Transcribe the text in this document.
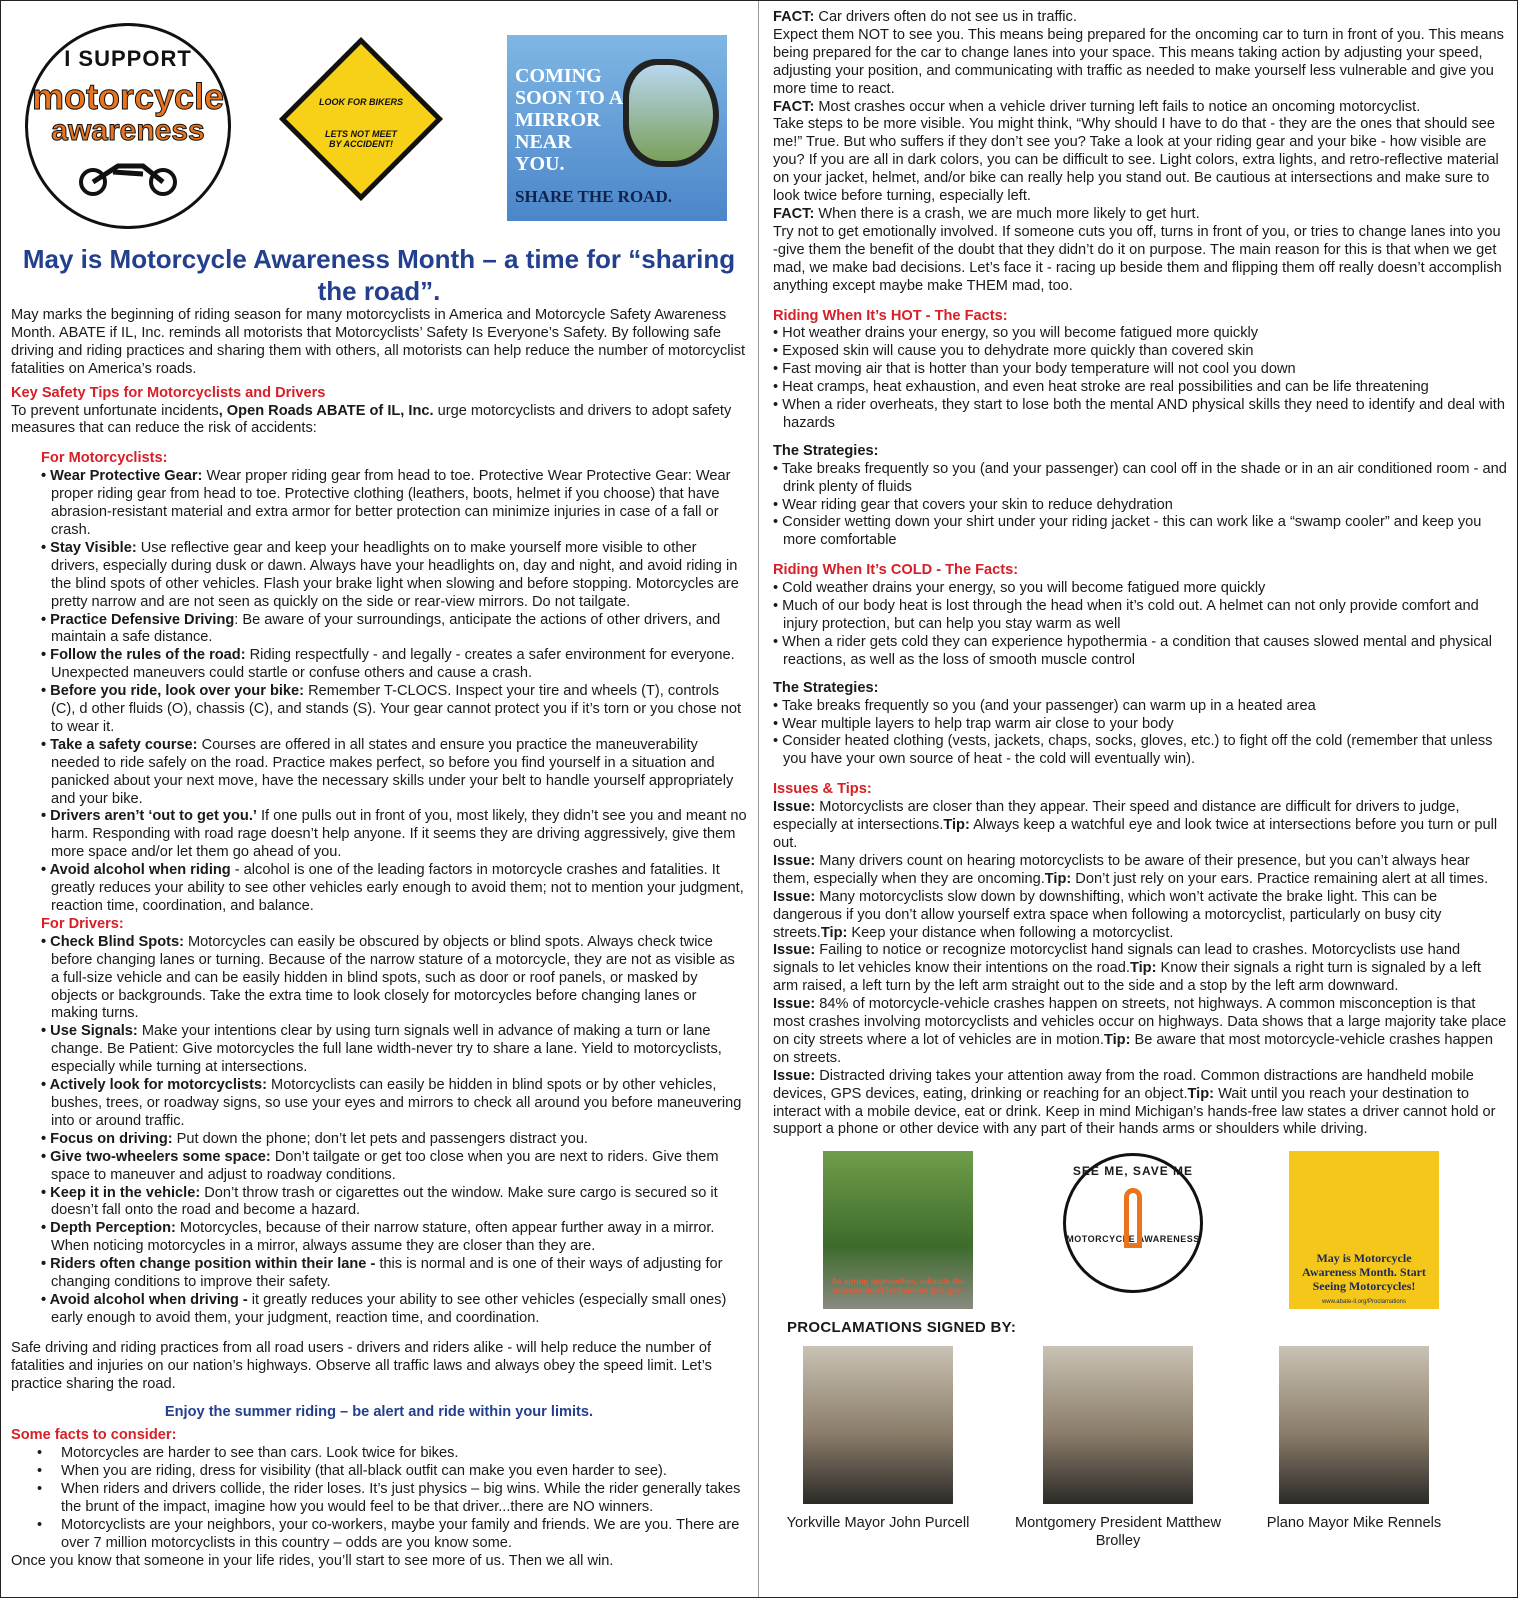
I SUPPORT
motorcycle
awareness
LOOK FOR BIKERS
LETS NOT MEET BY ACCIDENT!
COMING SOON TO A MIRROR NEAR YOU.
SHARE THE ROAD.
May is Motorcycle Awareness Month – a time for “sharing the road”.

May marks the beginning of riding season for many motorcyclists in America and Motorcycle Safety Awareness Month. ABATE if IL, Inc. reminds all motorists that Motorcyclists’ Safety Is Everyone’s Safety. By following safe driving and riding practices and sharing them with others, all motorists can help reduce the number of motorcyclist fatalities on America’s roads.

Key Safety Tips for Motorcyclists and Drivers

To prevent unfortunate incidents, Open Roads ABATE of IL, Inc. urge motorcyclists and drivers to adopt safety measures that can reduce the risk of accidents:

For Motorcyclists:

• Wear Protective Gear: Wear proper riding gear from head to toe. Protective Wear Protective Gear: Wear proper riding gear from head to toe. Protective clothing (leathers, boots, helmet if you choose) that have abrasion-resistant material and extra armor for better protection can minimize injuries in case of a fall or crash.
• Stay Visible: Use reflective gear and keep your headlights on to make yourself more visible to other drivers, especially during dusk or dawn. Always have your headlights on, day and night, and avoid riding in the blind spots of other vehicles. Flash your brake light when slowing and before stopping. Motorcycles are pretty narrow and are not seen as quickly on the side or rear-view mirrors. Do not tailgate.
• Practice Defensive Driving: Be aware of your surroundings, anticipate the actions of other drivers, and maintain a safe distance.
• Follow the rules of the road: Riding respectfully - and legally - creates a safer environment for everyone. Unexpected maneuvers could startle or confuse others and cause a crash.
• Before you ride, look over your bike: Remember T-CLOCS. Inspect your tire and wheels (T), controls (C), d other fluids (O), chassis (C), and stands (S). Your gear cannot protect you if it’s torn or you chose not to wear it.
• Take a safety course: Courses are offered in all states and ensure you practice the maneuverability needed to ride safely on the road. Practice makes perfect, so before you find yourself in a situation and panicked about your next move, have the necessary skills under your belt to handle yourself appropriately and your bike.
• Drivers aren’t ‘out to get you.’ If one pulls out in front of you, most likely, they didn’t see you and meant no harm. Responding with road rage doesn’t help anyone. If it seems they are driving aggressively, give them more space and/or let them go ahead of you.
• Avoid alcohol when riding - alcohol is one of the leading factors in motorcycle crashes and fatalities. It greatly reduces your ability to see other vehicles early enough to avoid them; not to mention your judgment, reaction time, coordination, and balance.

For Drivers:

• Check Blind Spots: Motorcycles can easily be obscured by objects or blind spots. Always check twice before changing lanes or turning. Because of the narrow stature of a motorcycle, they are not as visible as a full-size vehicle and can be easily hidden in blind spots, such as door or roof panels, or masked by objects or backgrounds. Take the extra time to look closely for motorcycles before changing lanes or making turns.
• Use Signals: Make your intentions clear by using turn signals well in advance of making a turn or lane change. Be Patient: Give motorcycles the full lane width-never try to share a lane. Yield to motorcyclists, especially while turning at intersections.
• Actively look for motorcyclists: Motorcyclists can easily be hidden in blind spots or by other vehicles, bushes, trees, or roadway signs, so use your eyes and mirrors to check all around you before maneuvering into or around traffic.
• Focus on driving: Put down the phone; don’t let pets and passengers distract you.
• Give two-wheelers some space: Don’t tailgate or get too close when you are next to riders. Give them space to maneuver and adjust to roadway conditions.
• Keep it in the vehicle: Don’t throw trash or cigarettes out the window. Make sure cargo is secured so it doesn’t fall onto the road and become a hazard.
• Depth Perception: Motorcycles, because of their narrow stature, often appear further away in a mirror. When noticing motorcycles in a mirror, always assume they are closer than they are.
• Riders often change position within their lane - this is normal and is one of their ways of adjusting for changing conditions to improve their safety.
• Avoid alcohol when driving - it greatly reduces your ability to see other vehicles (especially small ones) early enough to avoid them, your judgment, reaction time, and coordination.

Safe driving and riding practices from all road users - drivers and riders alike - will help reduce the number of fatalities and injuries on our nation’s highways. Observe all traffic laws and always obey the speed limit. Let’s practice sharing the road.

Enjoy the summer riding – be alert and ride within your limits.

Some facts to consider:

• Motorcycles are harder to see than cars. Look twice for bikes.
• When you are riding, dress for visibility (that all-black outfit can make you even harder to see).
• When riders and drivers collide, the rider loses. It’s just physics – big wins. While the rider generally takes the brunt of the impact, imagine how you would feel to be that driver...there are NO winners.
• Motorcyclists are your neighbors, your co-workers, maybe your family and friends. We are you. There are over 7 million motorcyclists in this country – odds are you know some.

Once you know that someone in your life rides, you’ll start to see more of us. Then we all win.

FACT: Car drivers often do not see us in traffic.

Expect them NOT to see you. This means being prepared for the oncoming car to turn in front of you. This means being prepared for the car to change lanes into your space. This means taking action by adjusting your speed, adjusting your position, and communicating with traffic as needed to make yourself less vulnerable and give you more time to react.

FACT: Most crashes occur when a vehicle driver turning left fails to notice an oncoming motorcyclist.

Take steps to be more visible. You might think, “Why should I have to do that - they are the ones that should see me!” True. But who suffers if they don’t see you? Take a look at your riding gear and your bike - how visible are you? If you are all in dark colors, you can be difficult to see. Light colors, extra lights, and retro-reflective material on your jacket, helmet, and/or bike can really help you stand out. Be cautious at intersections and make sure to look twice before turning, especially left.

FACT: When there is a crash, we are much more likely to get hurt.

Try not to get emotionally involved. If someone cuts you off, turns in front of you, or tries to change lanes into you -give them the benefit of the doubt that they didn’t do it on purpose. The main reason for this is that when we get mad, we make bad decisions. Let’s face it - racing up beside them and flipping them off really doesn’t accomplish anything except maybe make THEM mad, too.

Riding When It’s HOT - The Facts:

• Hot weather drains your energy, so you will become fatigued more quickly
• Exposed skin will cause you to dehydrate more quickly than covered skin
• Fast moving air that is hotter than your body temperature will not cool you down
• Heat cramps, heat exhaustion, and even heat stroke are real possibilities and can be life threatening
• When a rider overheats, they start to lose both the mental AND physical skills they need to identify and deal with hazards
The Strategies:
• Take breaks frequently so you (and your passenger) can cool off in the shade or in an air conditioned room - and drink plenty of fluids
• Wear riding gear that covers your skin to reduce dehydration
• Consider wetting down your shirt under your riding jacket - this can work like a “swamp cooler” and keep you more comfortable

Riding When It’s COLD - The Facts:

• Cold weather drains your energy, so you will become fatigued more quickly
• Much of our body heat is lost through the head when it’s cold out. A helmet can not only provide comfort and injury protection, but can help you stay warm as well
• When a rider gets cold they can experience hypothermia - a condition that causes slowed mental and physical reactions, as well as the loss of smooth muscle control
The Strategies:
• Take breaks frequently so you (and your passenger) can warm up in a heated area
• Wear multiple layers to help trap warm air close to your body
• Consider heated clothing (vests, jackets, chaps, socks, gloves, etc.) to fight off the cold (remember that unless you have your own source of heat - the cold will eventually win).

Issues & Tips:

Issue: Motorcyclists are closer than they appear. Their speed and distance are difficult for drivers to judge, especially at intersections.Tip: Always keep a watchful eye and look twice at intersections before you turn or pull out.

Issue: Many drivers count on hearing motorcyclists to be aware of their presence, but you can’t always hear them, especially when they are oncoming.Tip: Don’t just rely on your ears. Practice remaining alert at all times.

Issue: Many motorcyclists slow down by downshifting, which won’t activate the brake light. This can be dangerous if you don’t allow yourself extra space when following a motorcyclist, particularly on busy city streets.Tip: Keep your distance when following a motorcyclist.

Issue: Failing to notice or recognize motorcyclist hand signals can lead to crashes. Motorcyclists use hand signals to let vehicles know their intentions on the road.Tip: Know their signals a right turn is signaled by a left arm raised, a left turn by the left arm straight out to the side and a stop by the left arm downward.

Issue: 84% of motorcycle-vehicle crashes happen on streets, not highways. A common misconception is that most crashes involving motorcyclists and vehicles occur on highways. Data shows that a large majority take place on city streets where a lot of vehicles are in motion.Tip: Be aware that most motorcycle-vehicle crashes happen on streets.

Issue: Distracted driving takes your attention away from the road. Common distractions are handheld mobile devices, GPS devices, eating, drinking or reaching for an object.Tip: Wait until you reach your destination to interact with a mobile device, eat or drink. Keep in mind Michigan’s hands-free law states a driver cannot hold or support a phone or other device with any part of their hands arms or shoulders while driving.

As spring approaches, educate the masses don't let them be this guy.
SEE ME, SAVE ME
MOTORCYCLE AWARENESS
May is Motorcycle Awareness Month. Start Seeing Motorcycles!
www.abate-il.org/Proclamations
PROCLAMATIONS SIGNED BY:
Yorkville Mayor John Purcell	Montgomery President Matthew Brolley
Plano Mayor Mike Rennels
